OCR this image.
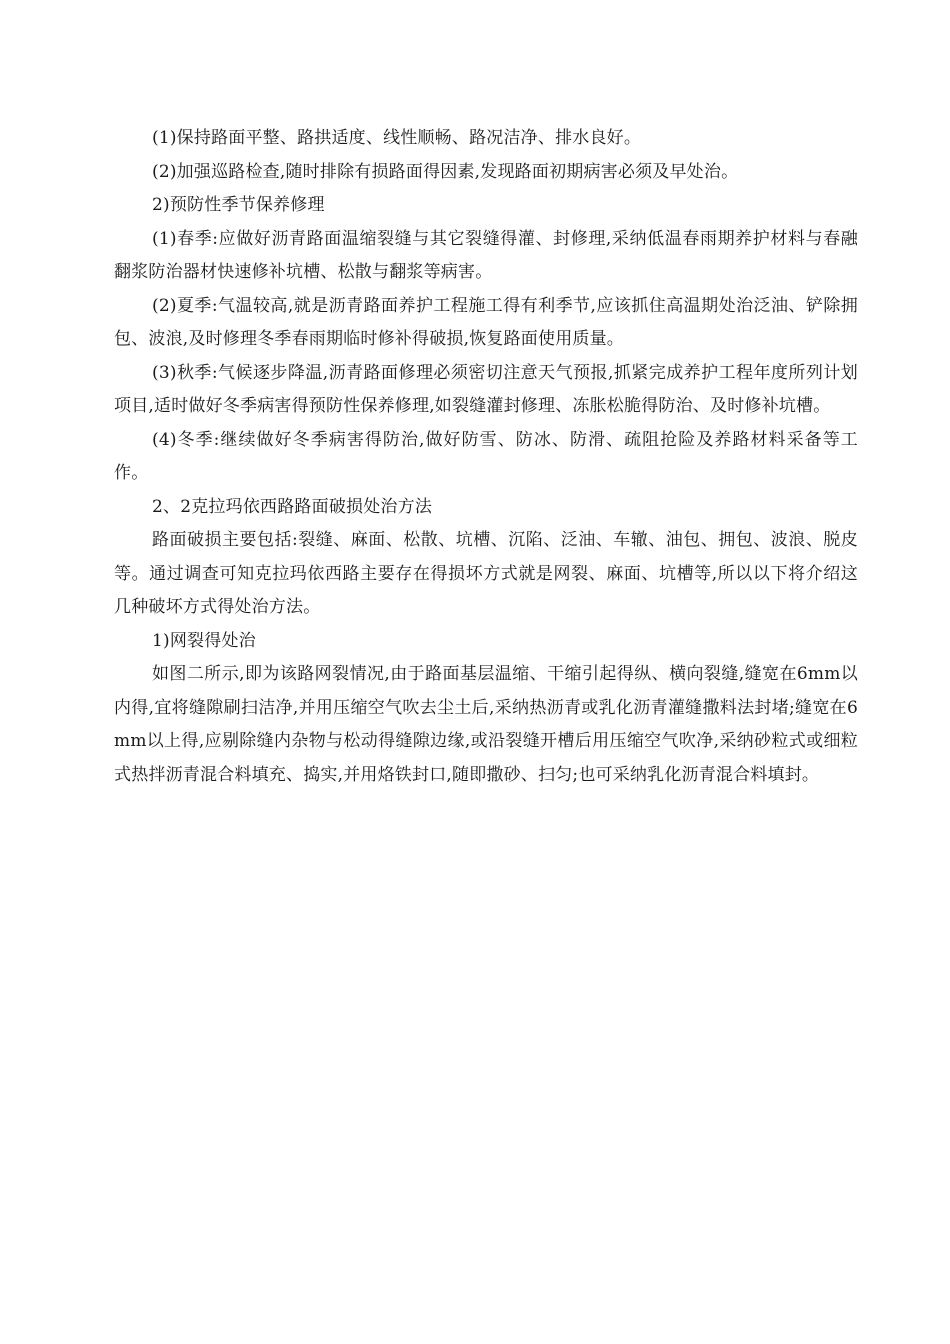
(1)保持路面平整、路拱适度、线性顺畅、路况洁净、排水良好。

(2)加强巡路检查,随时排除有损路面得因素,发现路面初期病害必须及早处治。

2)预防性季节保养修理

(1)春季:应做好沥青路面温缩裂缝与其它裂缝得灌、封修理,采纳低温春雨期养护材料与春融翻浆防治器材快速修补坑槽、松散与翻浆等病害。

(2)夏季:气温较高,就是沥青路面养护工程施工得有利季节,应该抓住高温期处治泛油、铲除拥包、波浪,及时修理冬季春雨期临时修补得破损,恢复路面使用质量。

(3)秋季:气候逐步降温,沥青路面修理必须密切注意天气预报,抓紧完成养护工程年度所列计划项目,适时做好冬季病害得预防性保养修理,如裂缝灌封修理、冻胀松脆得防治、及时修补坑槽。

(4)冬季:继续做好冬季病害得防治,做好防雪、防冰、防滑、疏阻抢险及养路材料采备等工作。

2、2克拉玛依西路路面破损处治方法

路面破损主要包括:裂缝、麻面、松散、坑槽、沉陷、泛油、车辙、油包、拥包、波浪、脱皮等。通过调查可知克拉玛依西路主要存在得损坏方式就是网裂、麻面、坑槽等,所以以下将介绍这几种破坏方式得处治方法。

1)网裂得处治

如图二所示,即为该路网裂情况,由于路面基层温缩、干缩引起得纵、横向裂缝,缝宽在6mm以内得,宜将缝隙刷扫洁净,并用压缩空气吹去尘土后,采纳热沥青或乳化沥青灌缝撒料法封堵;缝宽在6mm以上得,应剔除缝内杂物与松动得缝隙边缘,或沿裂缝开槽后用压缩空气吹净,采纳砂粒式或细粒式热拌沥青混合料填充、捣实,并用烙铁封口,随即撒砂、扫匀;也可采纳乳化沥青混合料填封。
